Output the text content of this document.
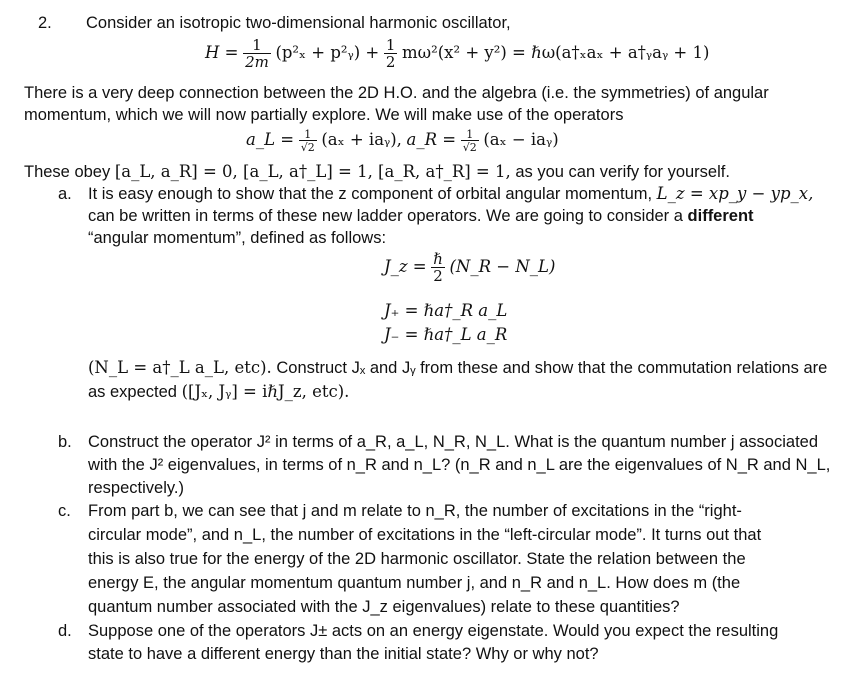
2. Consider an isotropic two-dimensional harmonic oscillator,
$H = \frac{1}{2m} (p^2_x$ + p²ᵧ) + $\frac{1}{2} m\omega^2(x^2 + y^2)$ = ℏω(a†ₓaₓ + a†ᵧaᵧ + 1)
There is a very deep connection between the 2D H.O. and the algebra (i.e. the symmetries) of angular
momentum, which we will now partially explore. We will make use of the operators
a_L = $\frac{1}{√2} (a_x$ + iaᵧ), a_R = $\frac{1}{√2} (a_x$ − iaᵧ)
These obey [a_L, a_R] = 0, [a_L, a†_L] = 1, [a_R, a†_R] = 1, as you can verify for yourself.
a. It is easy enough to show that the z component of orbital angular momentum, L_z = xp_y − yp_x,
can be written in terms of these new ladder operators. We are going to consider a different
“angular momentum”, defined as follows:
J_z = $\frac{\text{ℏ}}{2}$ (N_R − N_L)
J₊ = ℏa†_R a_L
J₋ = ℏa†_L a_R
(N_L = a†_L a_L, etc). Construct Jₓ and Jᵧ from these and show that the commutation relations are
as expected ([Jₓ, Jᵧ] = iℏJ_z, etc).
b. Construct the operator J² in terms of a_R, a_L, N_R, N_L. What is the quantum number j associated
with the J² eigenvalues, in terms of n_R and n_L? (n_R and n_L are the eigenvalues of N_R and N_L,
respectively.)
c. From part b, we can see that j and m relate to n_R, the number of excitations in the “right-
circular mode”, and n_L, the number of excitations in the “left-circular mode”. It turns out that
this is also true for the energy of the 2D harmonic oscillator. State the relation between the
energy E, the angular momentum quantum number j, and n_R and n_L. How does m (the
quantum number associated with the J_z eigenvalues) relate to these quantities?
d. Suppose one of the operators J± acts on an energy eigenstate. Would you expect the resulting
state to have a different energy than the initial state? Why or why not?
